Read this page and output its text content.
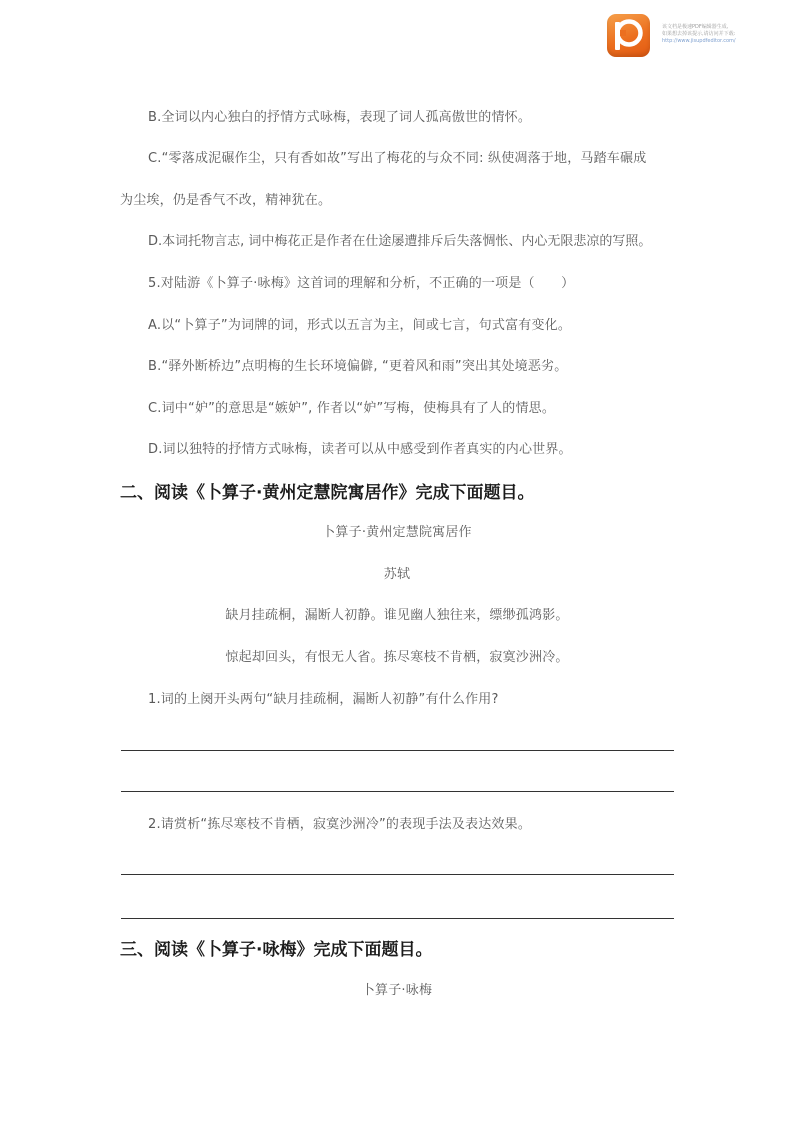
该文档是极速PDF编辑器生成,
如果想去掉该提示,请访问并下载:
http://www.jisupdfeditor.com/
B.全词以内心独白的抒情方式咏梅，表现了词人孤高傲世的情怀。
C.“零落成泥碾作尘，只有香如故”写出了梅花的与众不同: 纵使凋落于地，马踏车碾成
为尘埃，仍是香气不改，精神犹在。
D.本词托物言志, 词中梅花正是作者在仕途屡遭排斥后失落惆怅、内心无限悲凉的写照。
5.对陆游《卜算子·咏梅》这首词的理解和分析，不正确的一项是（　　）
A.以“卜算子”为词牌的词，形式以五言为主，间或七言，句式富有变化。
B.“驿外断桥边”点明梅的生长环境偏僻, “更着风和雨”突出其处境恶劣。
C.词中“妒”的意思是“嫉妒”, 作者以“妒”写梅，使梅具有了人的情思。
D.词以独特的抒情方式咏梅，读者可以从中感受到作者真实的内心世界。
二、阅读《卜算子·黄州定慧院寓居作》完成下面题目。
卜算子·黄州定慧院寓居作
苏轼
缺月挂疏桐，漏断人初静。谁见幽人独往来，缥缈孤鸿影。
惊起却回头，有恨无人省。拣尽寒枝不肯栖，寂寞沙洲冷。
1.词的上阕开头两句“缺月挂疏桐，漏断人初静”有什么作用?
2.请赏析“拣尽寒枝不肯栖，寂寞沙洲冷”的表现手法及表达效果。
三、阅读《卜算子·咏梅》完成下面题目。
卜算子·咏梅
